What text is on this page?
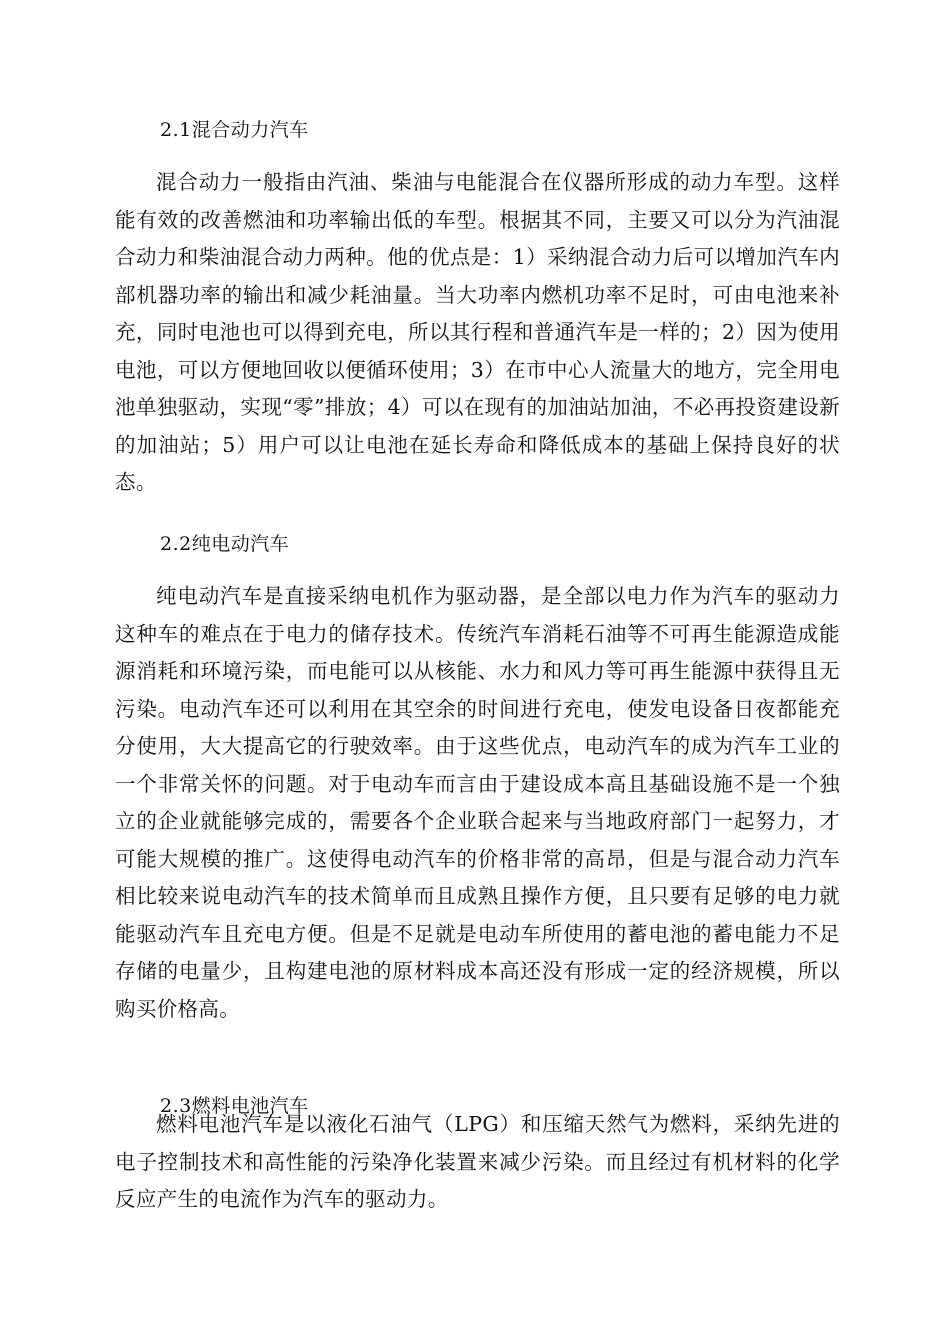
2.1混合动力汽车

混合动力一般指由汽油、柴油与电能混合在仪器所形成的动力车型。这样能有效的改善燃油和功率输出低的车型。根据其不同，主要又可以分为汽油混合动力和柴油混合动力两种。他的优点是：1）采纳混合动力后可以增加汽车内部机器功率的输出和减少耗油量。当大功率内燃机功率不足时，可由电池来补充，同时电池也可以得到充电，所以其行程和普通汽车是一样的；2）因为使用电池，可以方便地回收以便循环使用；3）在市中心人流量大的地方，完全用电池单独驱动，实现“零”排放；4）可以在现有的加油站加油，不必再投资建设新的加油站；5）用户可以让电池在延长寿命和降低成本的基础上保持良好的状态。

2.2纯电动汽车

纯电动汽车是直接采纳电机作为驱动器，是全部以电力作为汽车的驱动力这种车的难点在于电力的储存技术。传统汽车消耗石油等不可再生能源造成能源消耗和环境污染，而电能可以从核能、水力和风力等可再生能源中获得且无污染。电动汽车还可以利用在其空余的时间进行充电，使发电设备日夜都能充分使用，大大提高它的行驶效率。由于这些优点，电动汽车的成为汽车工业的一个非常关怀的问题。对于电动车而言由于建设成本高且基础设施不是一个独立的企业就能够完成的，需要各个企业联合起来与当地政府部门一起努力，才可能大规模的推广。这使得电动汽车的价格非常的高昂，但是与混合动力汽车相比较来说电动汽车的技术简单而且成熟且操作方便，且只要有足够的电力就能驱动汽车且充电方便。但是不足就是电动车所使用的蓄电池的蓄电能力不足存储的电量少，且构建电池的原材料成本高还没有形成一定的经济规模，所以购买价格高。

2.3燃料电池汽车

燃料电池汽车是以液化石油气（LPG）和压缩天然气为燃料，采纳先进的电子控制技术和高性能的污染净化装置来减少污染。而且经过有机材料的化学反应产生的电流作为汽车的驱动力。
